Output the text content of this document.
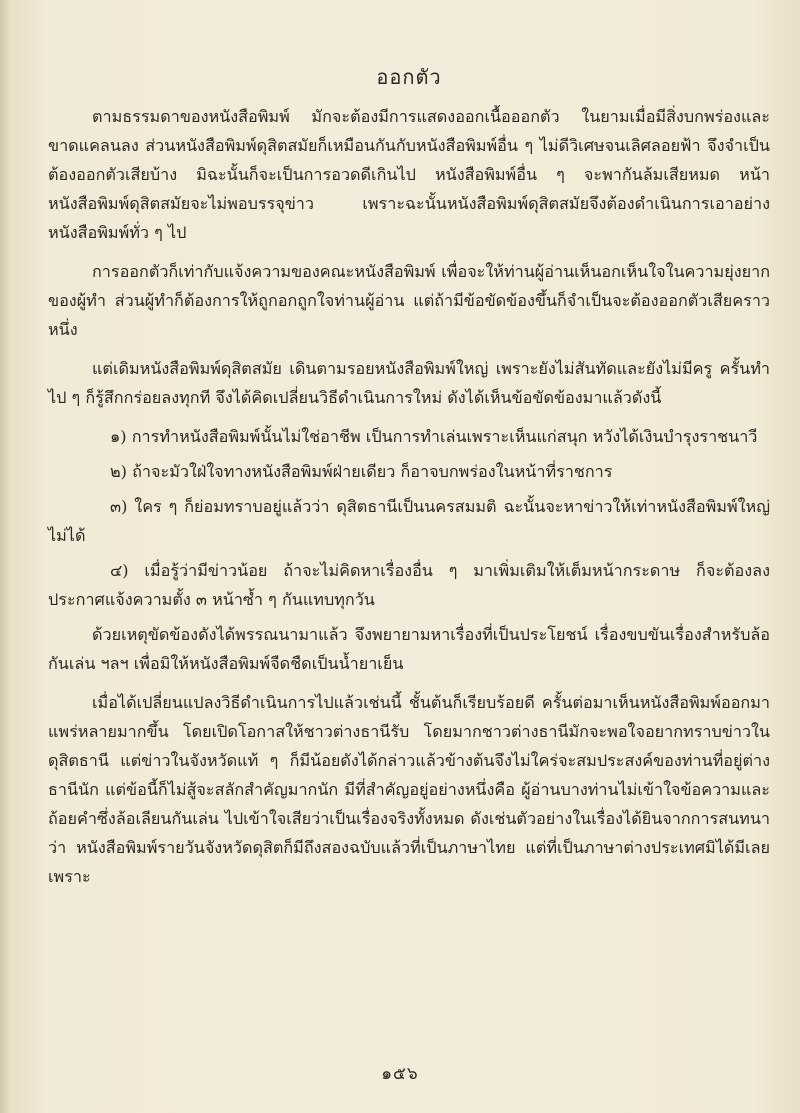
ออกตัว

ตามธรรมดาของหนังสือพิมพ์ มักจะต้องมีการแสดงออกเนื้อออกตัว ในยามเมื่อมีสิ่งบกพร่องและขาดแคลนลง ส่วนหนังสือพิมพ์ดุสิตสมัยก็เหมือนกันกับหนังสือพิมพ์อื่น ๆ ไม่ดีวิเศษจนเลิศลอยฟ้า จึงจำเป็นต้องออกตัวเสียบ้าง มิฉะนั้นก็จะเป็นการอวดดีเกินไป หนังสือพิมพ์อื่น ๆ จะพากันล้มเสียหมด หน้าหนังสือพิมพ์ดุสิตสมัยจะไม่พอบรรจุข่าว เพราะฉะนั้นหนังสือพิมพ์ดุสิตสมัยจึงต้องดำเนินการเอาอย่างหนังสือพิมพ์ทั่ว ๆ ไป

การออกตัวก็เท่ากับแจ้งความของคณะหนังสือพิมพ์ เพื่อจะให้ท่านผู้อ่านเห็นอกเห็นใจในความยุ่งยากของผู้ทำ ส่วนผู้ทำก็ต้องการให้ถูกอกถูกใจท่านผู้อ่าน แต่ถ้ามีข้อขัดข้องขึ้นก็จำเป็นจะต้องออกตัวเสียคราวหนึ่ง

แต่เดิมหนังสือพิมพ์ดุสิตสมัย เดินตามรอยหนังสือพิมพ์ใหญ่ เพราะยังไม่สันทัดและยังไม่มีครู ครั้นทำไป ๆ ก็รู้สึกกร่อยลงทุกที จึงได้คิดเปลี่ยนวิธีดำเนินการใหม่ ดังได้เห็นข้อขัดข้องมาแล้วดังนี้

๑) การทำหนังสือพิมพ์นั้นไม่ใช่อาชีพ เป็นการทำเล่นเพราะเห็นแก่สนุก หวังได้เงินบำรุงราชนาวี

๒) ถ้าจะมัวใฝ่ใจทางหนังสือพิมพ์ฝ่ายเดียว ก็อาจบกพร่องในหน้าที่ราชการ

๓) ใคร ๆ ก็ย่อมทราบอยู่แล้วว่า ดุสิตธานีเป็นนครสมมติ ฉะนั้นจะหาข่าวให้เท่าหนังสือพิมพ์ใหญ่ไม่ได้

๔) เมื่อรู้ว่ามีข่าวน้อย ถ้าจะไม่คิดหาเรื่องอื่น ๆ มาเพิ่มเติมให้เต็มหน้ากระดาษ ก็จะต้องลงประกาศแจ้งความตั้ง ๓ หน้าซ้ำ ๆ กันแทบทุกวัน

ด้วยเหตุขัดข้องดังได้พรรณนามาแล้ว จึงพยายามหาเรื่องที่เป็นประโยชน์ เรื่องขบขันเรื่องสำหรับล้อกันเล่น ฯลฯ เพื่อมิให้หนังสือพิมพ์จืดชืดเป็นน้ำยาเย็น

เมื่อได้เปลี่ยนแปลงวิธีดำเนินการไปแล้วเช่นนี้ ชั้นต้นก็เรียบร้อยดี ครั้นต่อมาเห็นหนังสือพิมพ์ออกมาแพร่หลายมากขึ้น โดยเปิดโอกาสให้ชาวต่างธานีรับ โดยมากชาวต่างธานีมักจะพอใจอยากทราบข่าวในดุสิตธานี แต่ข่าวในจังหวัดแท้ ๆ ก็มีน้อยดังได้กล่าวแล้วข้างต้นจึงไม่ใคร่จะสมประสงค์ของท่านที่อยู่ต่างธานีนัก แต่ข้อนี้ก็ไม่สู้จะสลักสำคัญมากนัก มีที่สำคัญอยู่อย่างหนึ่งคือ ผู้อ่านบางท่านไม่เข้าใจข้อความและถ้อยคำซึ่งล้อเลียนกันเล่น ไปเข้าใจเสียว่าเป็นเรื่องจริงทั้งหมด ดังเช่นตัวอย่างในเรื่องได้ยินจากการสนทนาว่า หนังสือพิมพ์รายวันจังหวัดดุสิตก็มีถึงสองฉบับแล้วที่เป็นภาษาไทย แต่ที่เป็นภาษาต่างประเทศมิได้มีเลย เพราะ

๑๕๖
